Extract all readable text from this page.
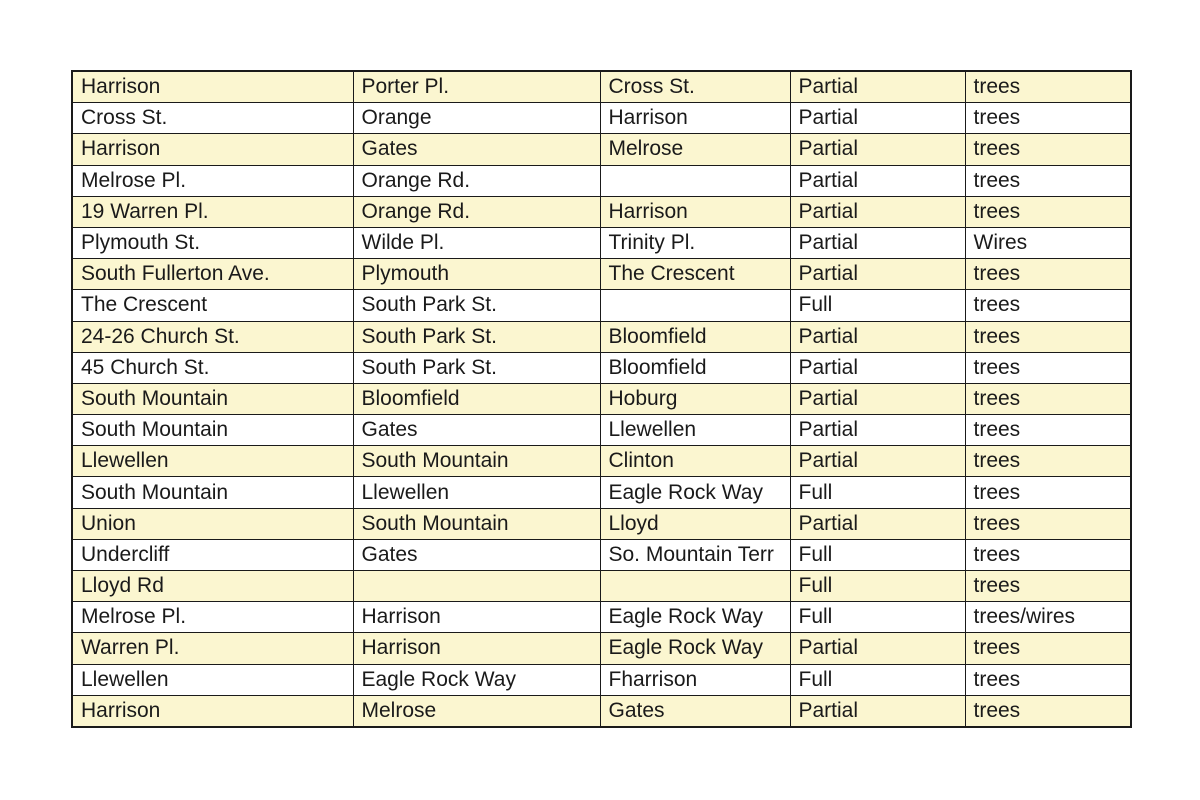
Harrison	Porter Pl.	Cross St.	Partial	trees
Cross St.	Orange	Harrison	Partial	trees
Harrison	Gates	Melrose	Partial	trees
Melrose Pl.	Orange Rd.		Partial	trees
19 Warren Pl.	Orange Rd.	Harrison	Partial	trees
Plymouth St.	Wilde Pl.	Trinity Pl.	Partial	Wires
South Fullerton Ave.	Plymouth	The Crescent	Partial	trees
The Crescent	South Park St.		Full	trees
24-26 Church St.	South Park St.	Bloomfield	Partial	trees
45 Church St.	South Park St.	Bloomfield	Partial	trees
South Mountain	Bloomfield	Hoburg	Partial	trees
South Mountain	Gates	Llewellen	Partial	trees
Llewellen	South Mountain	Clinton	Partial	trees
South Mountain	Llewellen	Eagle Rock Way	Full	trees
Union	South Mountain	Lloyd	Partial	trees
Undercliff	Gates	So. Mountain Terr	Full	trees
Lloyd Rd			Full	trees
Melrose Pl.	Harrison	Eagle Rock Way	Full	trees/wires
Warren Pl.	Harrison	Eagle Rock Way	Partial	trees
Llewellen	Eagle Rock Way	Fharrison	Full	trees
Harrison	Melrose	Gates	Partial	trees
